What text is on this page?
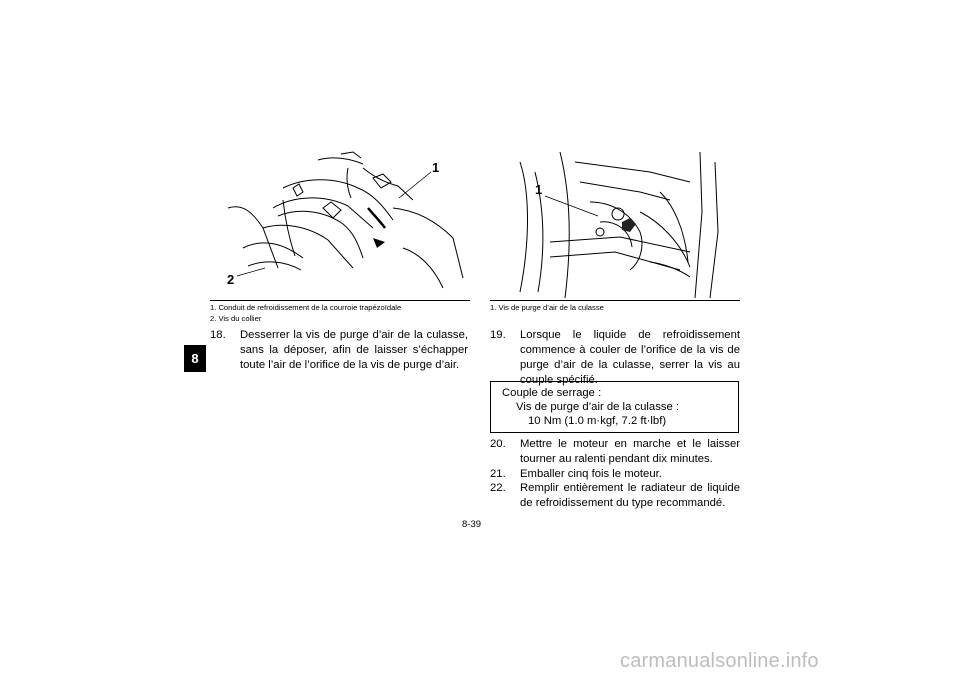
8
1
2
1
1. Conduit de refroidissement de la courroie trapézoïdale
2. Vis du collier
1. Vis de purge d’air de la culasse
18. Desserrer la vis de purge d’air de la culasse, sans la déposer, afin de laisser s’échapper toute l’air de l’orifice de la vis de purge d’air.
19. Lorsque le liquide de refroidissement commence à couler de l’orifice de la vis de purge d’air de la culasse, serrer la vis au couple spécifié.
Couple de serrage :
Vis de purge d’air de la culasse :
10 Nm (1.0 m·kgf, 7.2 ft·lbf)
20. Mettre le moteur en marche et le laisser tourner au ralenti pendant dix minutes.
21. Emballer cinq fois le moteur.
22. Remplir entièrement le radiateur de liquide de refroidissement du type recommandé.
8-39
carmanualsonline.info
